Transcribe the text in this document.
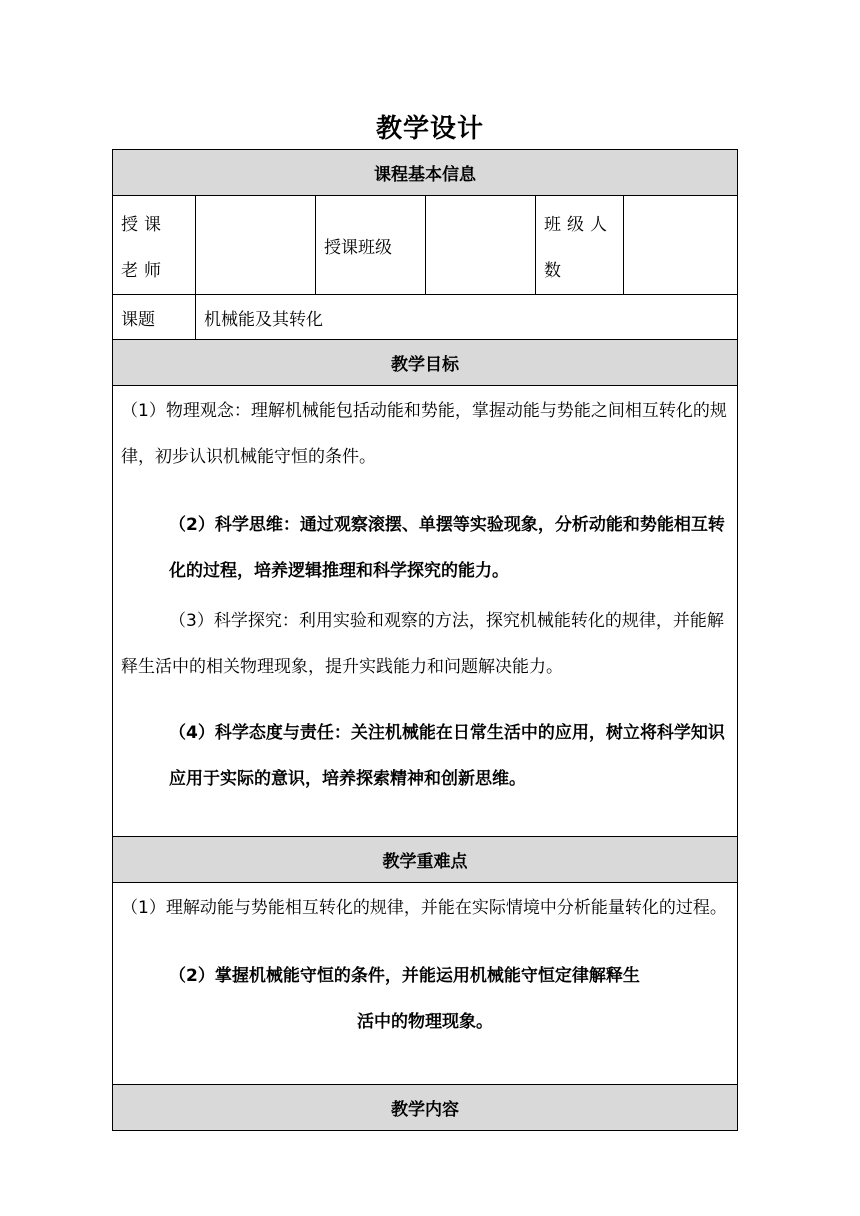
教学设计
课程基本信息					
授课老师		授课班级		班级人数	
课题	机械能及其转化				
教学目标					

（1）物理观念：理解机械能包括动能和势能，掌握动能与势能之间相互转化的规律，初步认识机械能守恒的条件。

（2）科学思维：通过观察滚摆、单摆等实验现象，分析动能和势能相互转化的过程，培养逻辑推理和科学探究的能力。

（3）科学探究：利用实验和观察的方法，探究机械能转化的规律，并能解释生活中的相关物理现象，提升实践能力和问题解决能力。

（4）科学态度与责任：关注机械能在日常生活中的应用，树立将科学知识应用于实际的意识，培养探索精神和创新思维。					

教学重难点					

（1）理解动能与势能相互转化的规律，并能在实际情境中分析能量转化的过程。

（2）掌握机械能守恒的条件，并能运用机械能守恒定律解释生

活中的物理现象。					

教学内容					
